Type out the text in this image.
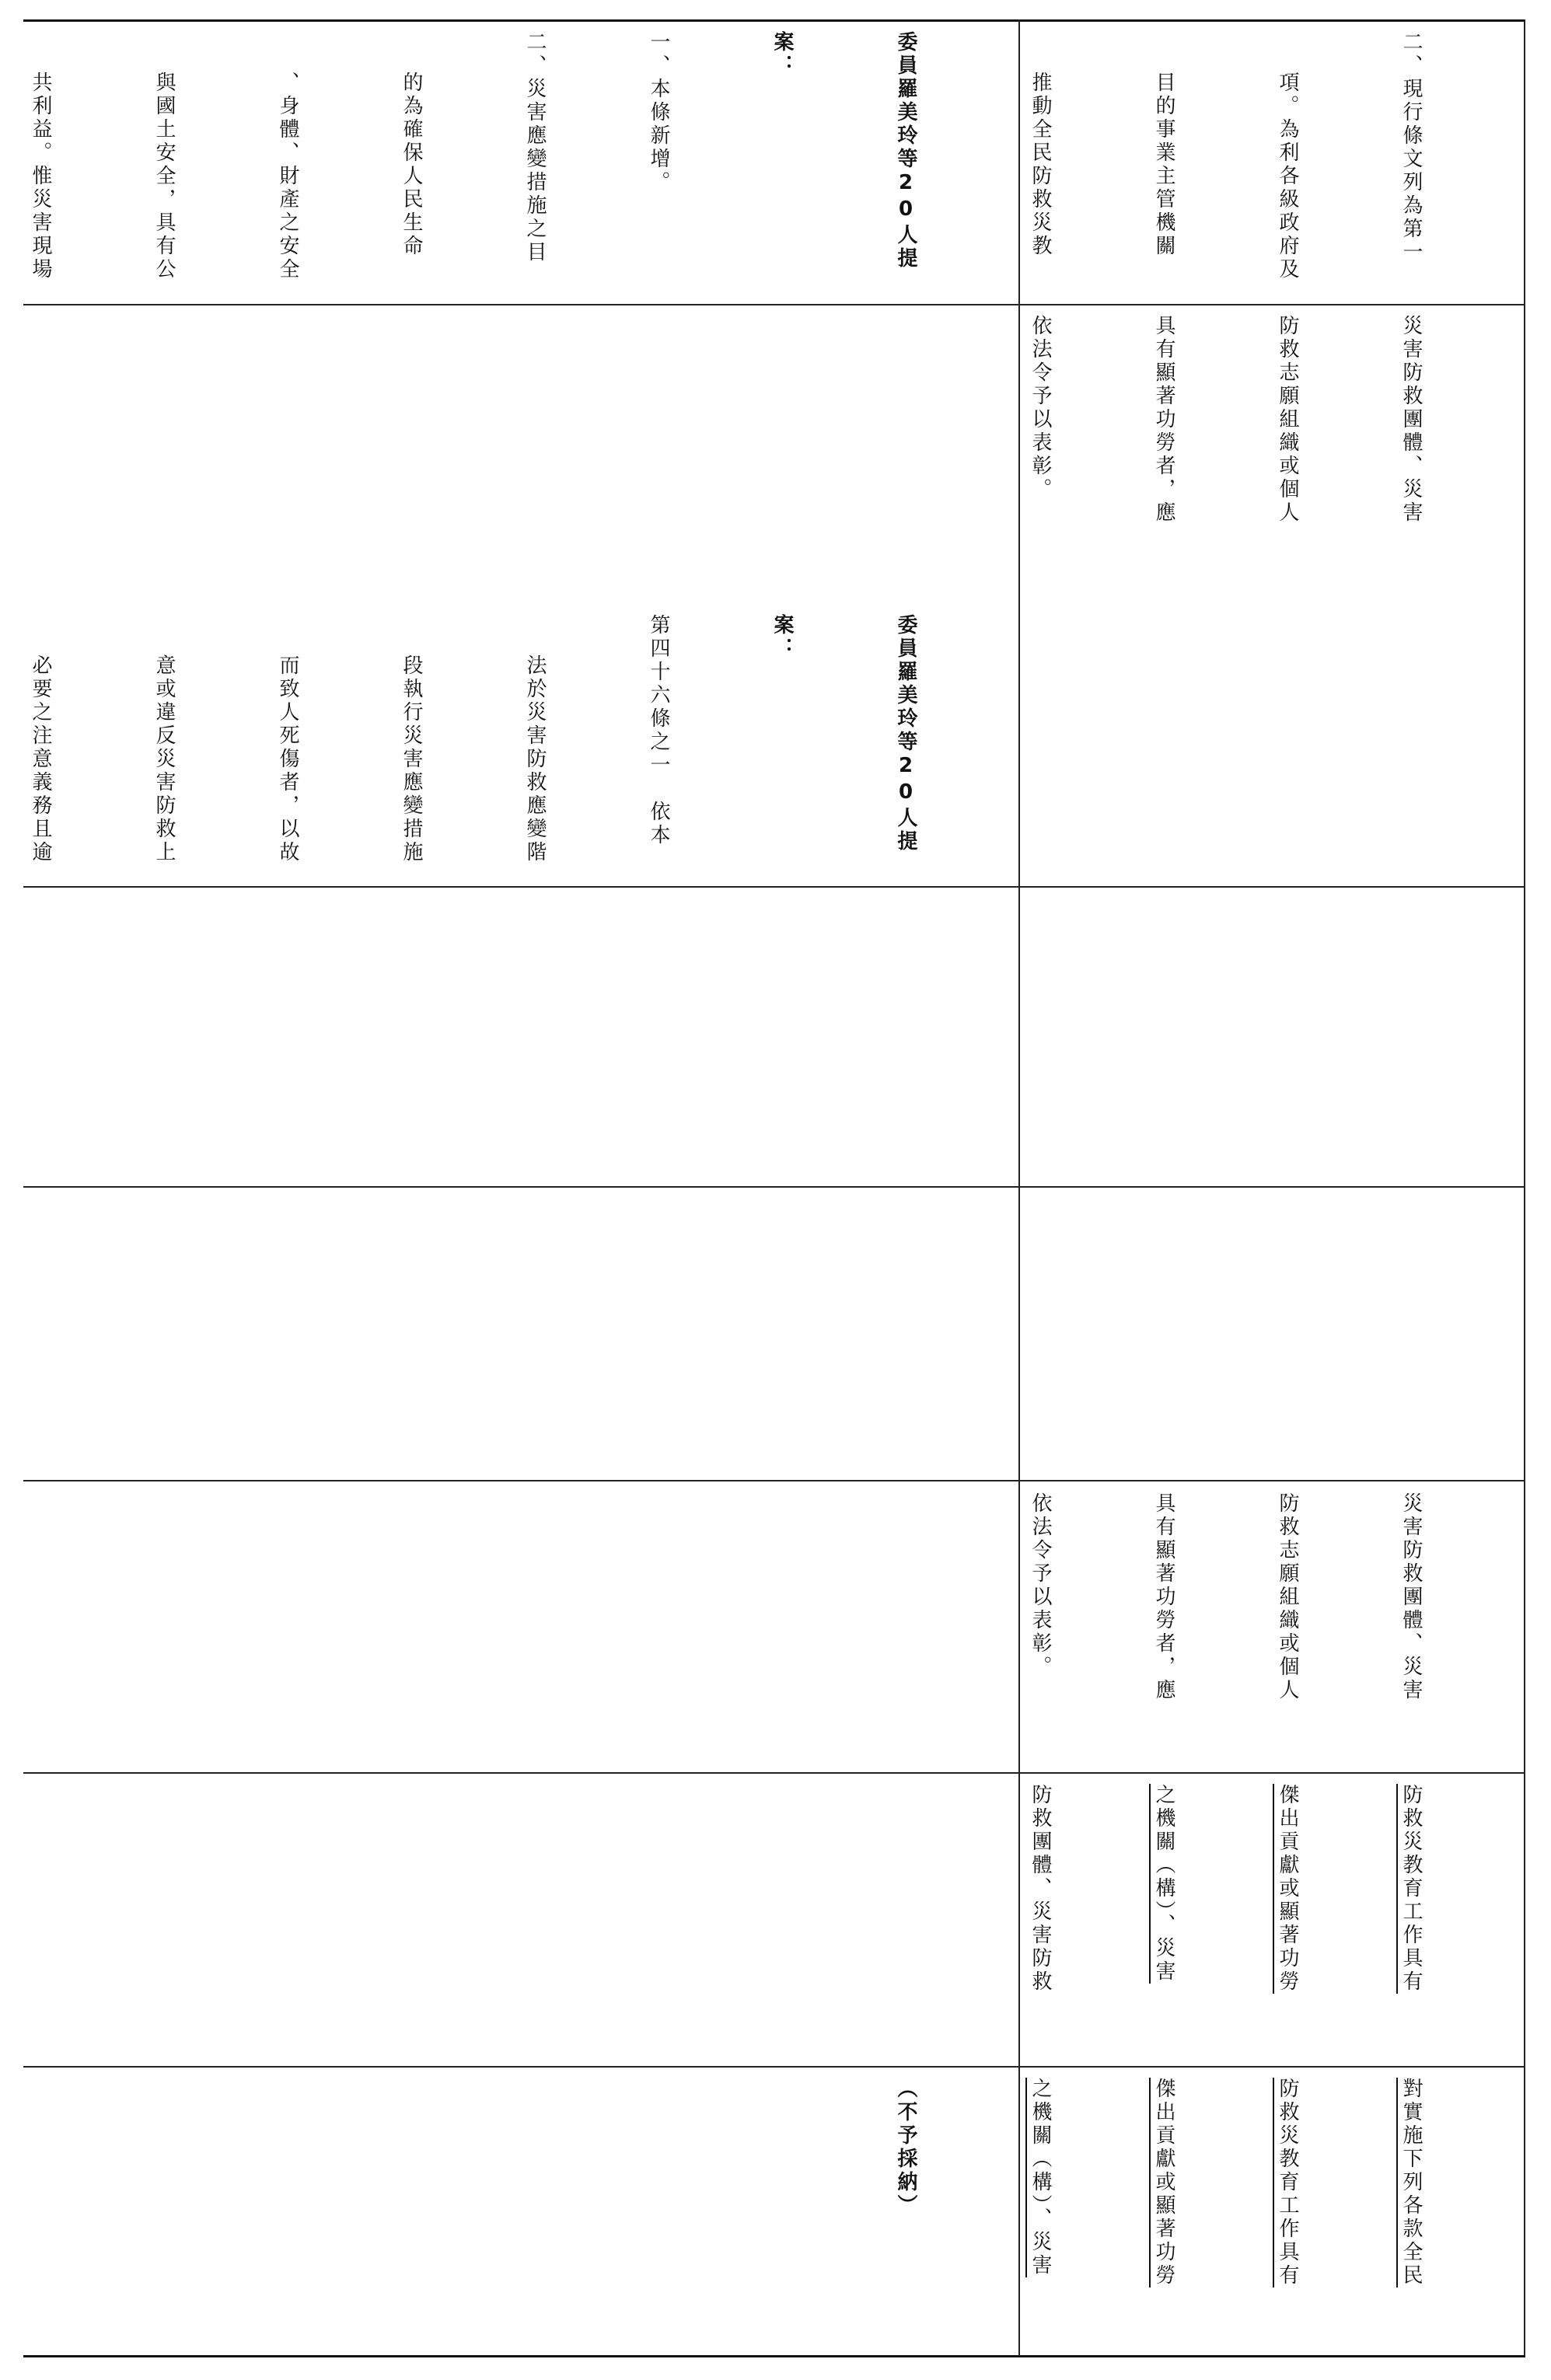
二、現行條文列為第一

項。為利各級政府及

目的事業主管機關

推動全民防救災教

災害防救團體、災害

防救志願組織或個人

具有顯著功勞者，應

依法令予以表彰。

災害防救團體、災害

防救志願組織或個人

具有顯著功勞者，應

依法令予以表彰。

防救災教育工作具有

傑出貢獻或顯著功勞

之機關（構）、災害

防救團體、災害防救

對實施下列各款全民

防救災教育工作具有

傑出貢獻或顯著功勞

之機關（構）、災害

委員羅美玲等20人提

案：

一、本條新增。

二、災害應變措施之目

的為確保人民生命

、身體、財產之安全

與國土安全，具有公

共利益。惟災害現場

委員羅美玲等20人提

案：

第四十六條之一　依本

法於災害防救應變階

段執行災害應變措施

而致人死傷者，以故

意或違反災害防救上

必要之注意義務且逾

（不予採納）
